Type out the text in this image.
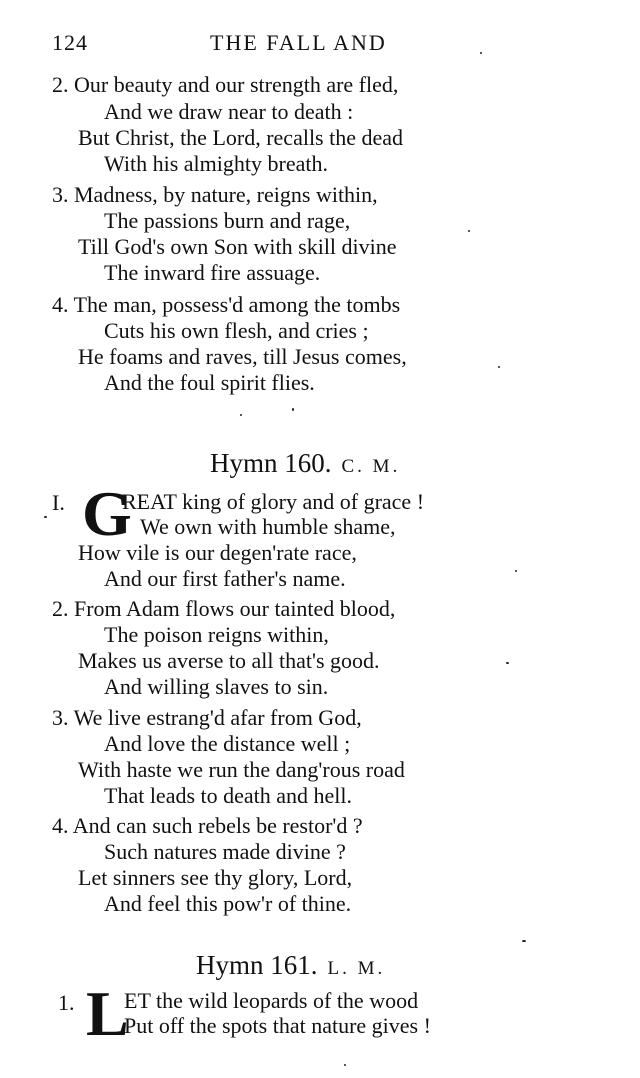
124	THE FALL AND
2. Our beauty and our strength are fled,
And we draw near to death :
But Christ, the Lord, recalls the dead
With his almighty breath.
3. Madness, by nature, reigns within,
The passions burn and rage,
Till God's own Son with skill divine
The inward fire assuage.
4. The man, possess'd among the tombs
Cuts his own flesh, and cries ;
He foams and raves, till Jesus comes,
And the foul spirit flies.
Hymn 160. C. M.
I. G
REAT king of glory and of grace !
We own with humble shame,
How vile is our degen'rate race,
And our first father's name.
2. From Adam flows our tainted blood,
The poison reigns within,
Makes us averse to all that's good.
And willing slaves to sin.
3. We live estrang'd afar from God,
And love the distance well ;
With haste we run the dang'rous road
That leads to death and hell.
4. And can such rebels be restor'd ?
Such natures made divine ?
Let sinners see thy glory, Lord,
And feel this pow'r of thine.
Hymn 161. L. M.
1. L
ET the wild leopards of the wood
Put off the spots that nature gives !
